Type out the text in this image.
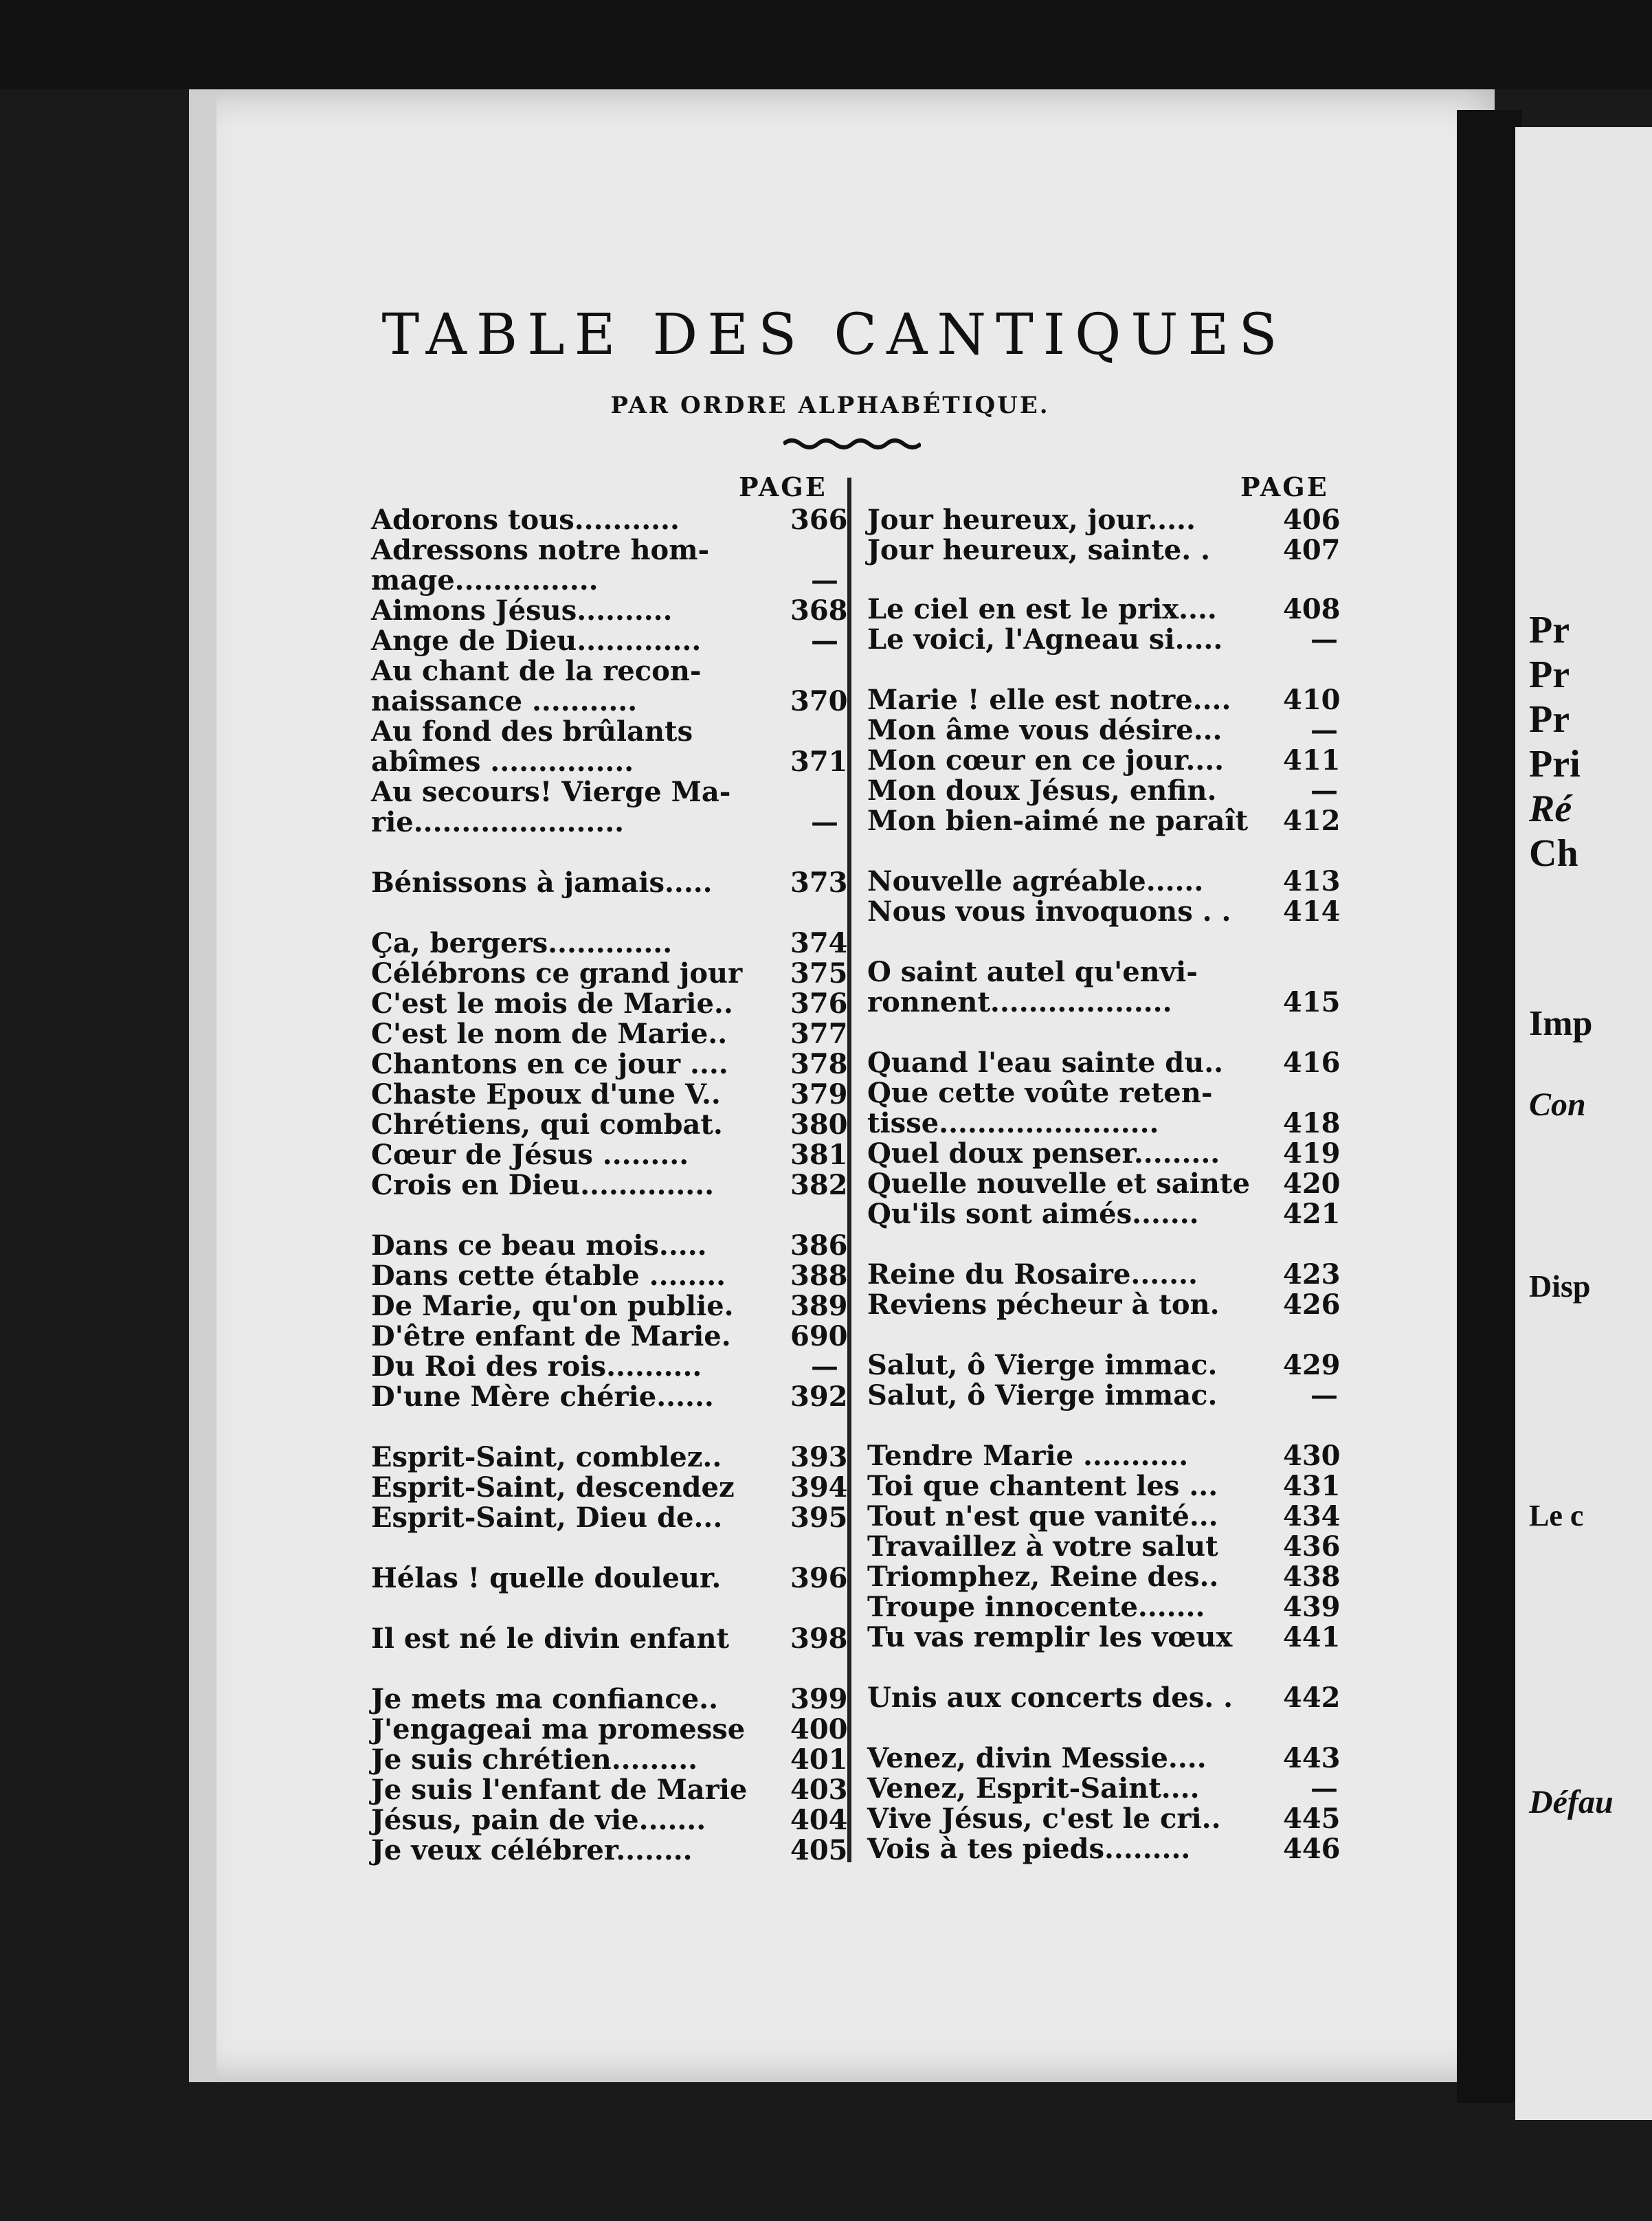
Pr
Pr
Pr
Pri
Ré
Ch
Imp
Con
Disp
Le c
Défau
TABLE DES CANTIQUES
PAR ORDRE ALPHABÉTIQUE.
PAGE	PAGE
Adorons tous...........	366
Adressons notre hom-
mage...............	—
Aimons Jésus..........	368
Ange de Dieu.............	—
Au chant de la recon-
naissance ...........	370
Au fond des brûlants
abîmes ...............	371
Au secours! Vierge Ma-
rie......................	—
Bénissons à jamais.....	373
Ça, bergers.............	374
Célébrons ce grand jour 375
C'est le mois de Marie.. 376
C'est le nom de Marie.. 377
Chantons en ce jour .... 378
Chaste Epoux d'une V..	379
Chrétiens, qui combat. 380
Cœur de Jésus .........	381
Crois en Dieu..............	382
Dans ce beau mois.....	386
Dans cette étable ........ 388
De Marie, qu'on publie. 389
D'être enfant de Marie. 690
Du Roi des rois..........	—
D'une Mère chérie......	392
Esprit-Saint, comblez.. 393
Esprit-Saint, descendez 394
Esprit-Saint, Dieu de... 395
Hélas ! quelle douleur.	396
Il est né le divin enfant 398
Je mets ma confiance..	399
J'engageai ma promesse 400
Je suis chrétien.........	401
Je suis l'enfant de Marie 403
Jésus, pain de vie.......	404
Je veux célébrer........	405
Jour heureux, jour.....	406
Jour heureux, sainte. .	407
Le ciel en est le prix.... 408
Le voici, l'Agneau si.....	—
Marie ! elle est notre.... 410
Mon âme vous désire...	—
Mon cœur en ce jour.... 411
Mon doux Jésus, enfin.	—
Mon bien-aimé ne paraît 412
Nouvelle agréable......	413
Nous vous invoquons . . 414
O saint autel qu'envi-
ronnent...................	415
Quand l'eau sainte du.. 416
Que cette voûte reten-
tisse.......................	418
Quel doux penser......... 419
Quelle nouvelle et sainte 420
Qu'ils sont aimés.......	421
Reine du Rosaire.......	423
Reviens pécheur à ton. 426
Salut, ô Vierge immac. 429
Salut, ô Vierge immac.	—
Tendre Marie ...........	430
Toi que chantent les ... 431
Tout n'est que vanité... 434
Travaillez à votre salut 436
Triomphez, Reine des.. 438
Troupe innocente.......	439
Tu vas remplir les vœux 441
Unis aux concerts des. . 442
Venez, divin Messie....	443
Venez, Esprit-Saint....	—
Vive Jésus, c'est le cri.. 445
Vois à tes pieds.........	446
